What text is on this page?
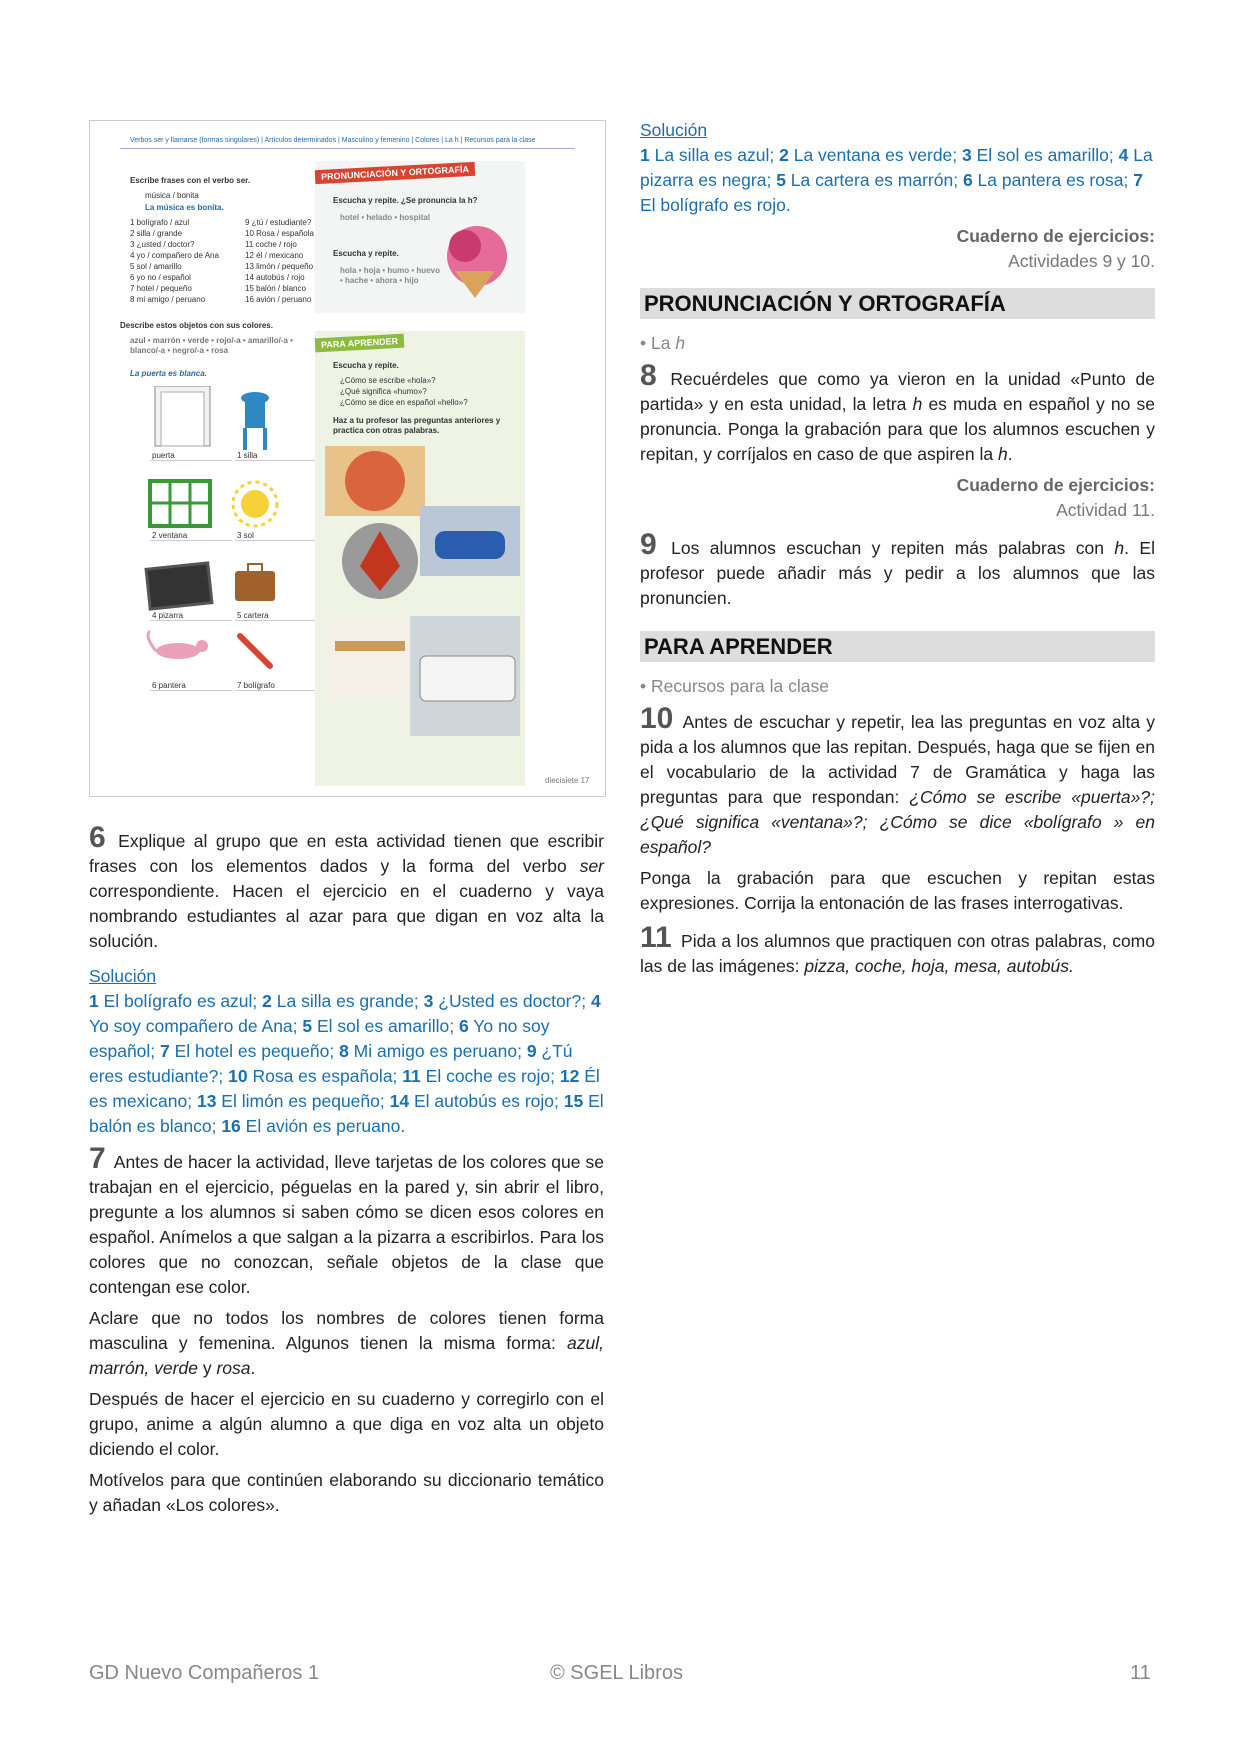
Verbos ser y llamarse (formas singulares) | Artículos determinados | Masculino y femenino | Colores | La h | Recursos para la clase
Escribe frases con el verbo ser.
música / bonita
La música es bonita.
1 bolígrafo / azul
2 silla / grande
3 ¿usted / doctor?
4 yo / compañero de Ana
5 sol / amarillo
6 yo no / español
7 hotel / pequeño
8 mi amigo / peruano
9 ¿tú / estudiante?
10 Rosa / española
11 coche / rojo
12 él / mexicano
13 limón / pequeño
14 autobús / rojo
15 balón / blanco
16 avión / peruano
Describe estos objetos con sus colores.
azul • marrón • verde • rojo/-a • amarillo/-a • blanco/-a • negro/-a • rosa
La puerta es blanca.
puerta	1 silla
2 ventana	3 sol
4 pizarra	5 cartera
6 pantera	7 bolígrafo
PRONUNCIACIÓN Y ORTOGRAFÍA
Escucha y repite. ¿Se pronuncia la h?
hotel • helado • hospital
Escucha y repite.
hola • hoja • humo • huevo • hache • ahora • hijo
PARA APRENDER
Escucha y repite.
¿Cómo se escribe «hola»?
¿Qué significa «humo»?
¿Cómo se dice en español «hello»?
Haz a tu profesor las preguntas anteriores y practica con otras palabras.
diecisiete 17

6 Explique al grupo que en esta actividad tienen que escribir frases con los elementos dados y la forma del verbo ser correspondiente. Hacen el ejercicio en el cuaderno y vaya nombrando estudiantes al azar para que digan en voz alta la solución.

Solución
1 El bolígrafo es azul; 2 La silla es grande; 3 ¿Usted es doctor?; 4 Yo soy compañero de Ana; 5 El sol es amarillo; 6 Yo no soy español; 7 El hotel es pequeño; 8 Mi amigo es peruano; 9 ¿Tú eres estudiante?; 10 Rosa es española; 11 El coche es rojo; 12 Él es mexicano; 13 El limón es pequeño; 14 El autobús es rojo; 15 El balón es blanco; 16 El avión es peruano.

7 Antes de hacer la actividad, lleve tarjetas de los colores que se trabajan en el ejercicio, péguelas en la pared y, sin abrir el libro, pregunte a los alumnos si saben cómo se dicen esos colores en español. Anímelos a que salgan a la pizarra a escribirlos. Para los colores que no conozcan, señale objetos de la clase que contengan ese color.

Aclare que no todos los nombres de colores tienen forma masculina y femenina. Algunos tienen la misma forma: azul, marrón, verde y rosa.

Después de hacer el ejercicio en su cuaderno y corregirlo con el grupo, anime a algún alumno a que diga en voz alta un objeto diciendo el color.

Motívelos para que continúen elaborando su diccionario temático y añadan «Los colores».

Solución
1 La silla es azul; 2 La ventana es verde; 3 El sol es amarillo; 4 La pizarra es negra; 5 La cartera es marrón; 6 La pantera es rosa; 7 El bolígrafo es rojo.
Cuaderno de ejercicios:
Actividades 9 y 10.
PRONUNCIACIÓN Y ORTOGRAFÍA
• La h

8 Recuérdeles que como ya vieron en la unidad «Punto de partida» y en esta unidad, la letra h es muda en español y no se pronuncia. Ponga la grabación para que los alumnos escuchen y repitan, y corríjalos en caso de que aspiren la h.

Cuaderno de ejercicios:
Actividad 11.

9 Los alumnos escuchan y repiten más palabras con h. El profesor puede añadir más y pedir a los alumnos que las pronuncien.

PARA APRENDER
• Recursos para la clase

10 Antes de escuchar y repetir, lea las preguntas en voz alta y pida a los alumnos que las repitan. Después, haga que se fijen en el vocabulario de la actividad 7 de Gramática y haga las preguntas para que respondan: ¿Cómo se escribe «puerta»?; ¿Qué significa «ventana»?; ¿Cómo se dice «bolígrafo » en español?

Ponga la grabación para que escuchen y repitan estas expresiones. Corrija la entonación de las frases interrogativas.

11 Pida a los alumnos que practiquen con otras palabras, como las de las imágenes: pizza, coche, hoja, mesa, autobús.

GD Nuevo Compañeros 1	© SGEL Libros	11
